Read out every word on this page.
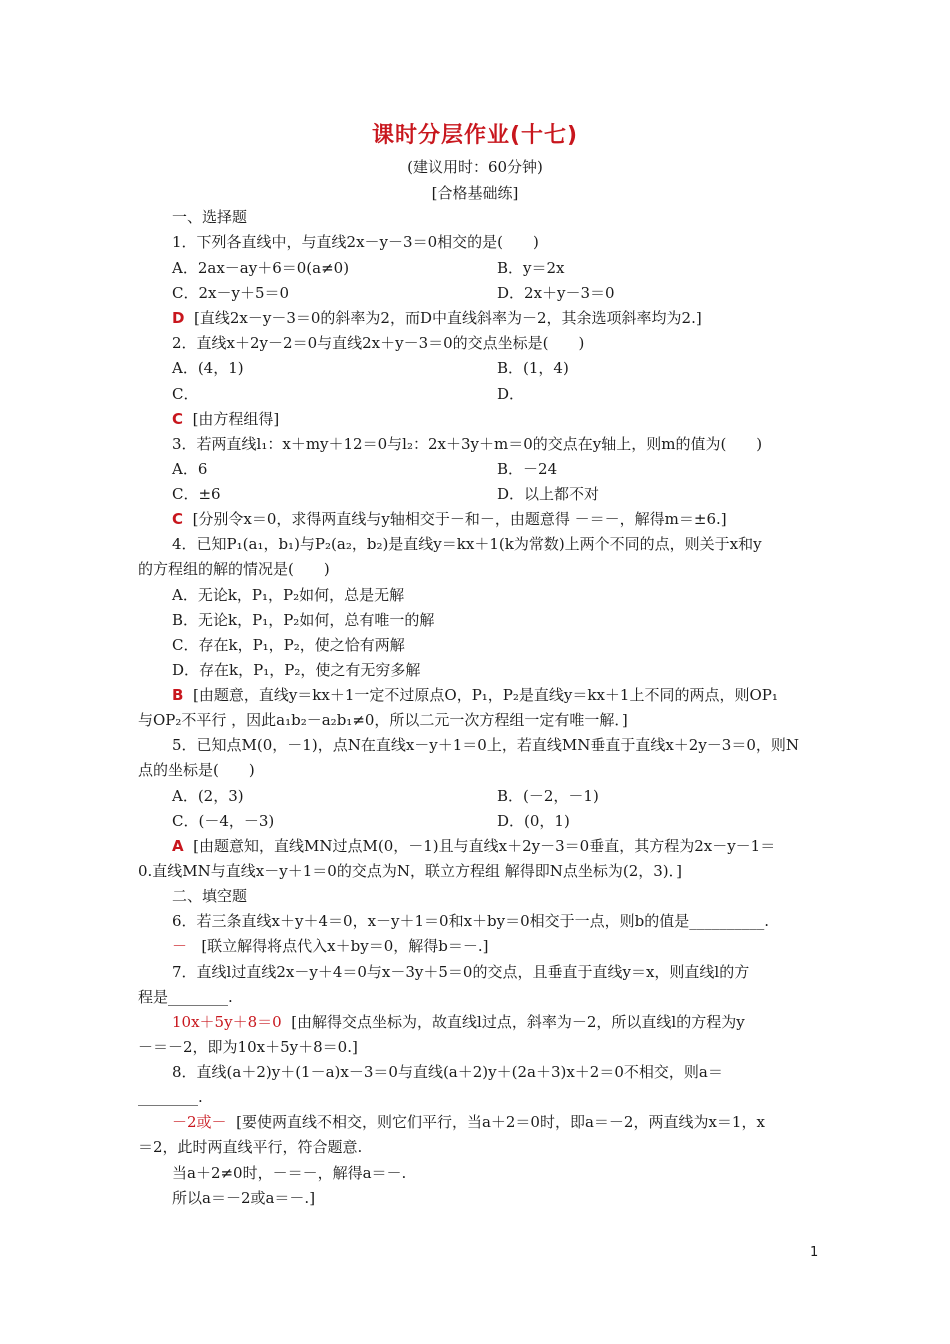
课时分层作业(十七)
(建议用时：60分钟)
[合格基础练]
一、选择题
1．下列各直线中，与直线2x－y－3＝0相交的是(　　)
A．2ax－ay＋6＝0(a≠0)	B．y＝2x
C．2x－y＋5＝0	D．2x＋y－3＝0
D [直线2x－y－3＝0的斜率为2，而D中直线斜率为－2，其余选项斜率均为2.]
2．直线x＋2y－2＝0与直线2x＋y－3＝0的交点坐标是(　　)
A．(4，1)	B．(1，4)
C．	D．
C [由方程组得]
3．若两直线l₁：x＋my＋12＝0与l₂：2x＋3y＋m＝0的交点在y轴上，则m的值为(　　)
A．6	B．－24
C．±6	D．以上都不对
C [分别令x＝0，求得两直线与y轴相交于－和－，由题意得 －＝－，解得m＝±6.]
4．已知P₁(a₁，b₁)与P₂(a₂，b₂)是直线y＝kx＋1(k为常数)上两个不同的点，则关于x和y
的方程组的解的情况是(　　)
A．无论k，P₁，P₂如何，总是无解
B．无论k，P₁，P₂如何，总有唯一的解
C．存在k，P₁，P₂，使之恰有两解
D．存在k，P₁，P₂，使之有无穷多解
B [由题意，直线y＝kx＋1一定不过原点O，P₁，P₂是直线y＝kx＋1上不同的两点，则OP₁
与OP₂不平行 ，因此a₁b₂－a₂b₁≠0，所以二元一次方程组一定有唯一解．]
5．已知点M(0，－1)，点N在直线x－y＋1＝0上，若直线MN垂直于直线x＋2y－3＝0，则N
点的坐标是(　　)
A．(2，3)	B．(－2，－1)
C．(－4，－3)	D．(0，1)
A [由题意知，直线MN过点M(0，－1)且与直线x＋2y－3＝0垂直，其方程为2x－y－1＝
0.直线MN与直线x－y＋1＝0的交点为N，联立方程组 解得即N点坐标为(2，3)．]
二、填空题
6．若三条直线x＋y＋4＝0，x－y＋1＝0和x＋by＝0相交于一点，则b的值是__________.
－ [联立解得将点代入x＋by＝0，解得b＝－.]
7．直线l过直线2x－y＋4＝0与x－3y＋5＝0的交点，且垂直于直线y＝x，则直线l的方
程是________.
10x＋5y＋8＝0 [由解得交点坐标为，故直线l过点，斜率为－2，所以直线l的方程为y
－＝－2，即为10x＋5y＋8＝0.]
8．直线(a＋2)y＋(1－a)x－3＝0与直线(a＋2)y＋(2a＋3)x＋2＝0不相交，则a＝
________.
－2或－ [要使两直线不相交，则它们平行，当a＋2＝0时，即a＝－2，两直线为x＝1，x
＝2，此时两直线平行，符合题意.
当a＋2≠0时，－＝－，解得a＝－.
所以a＝－2或a＝－.]
1
